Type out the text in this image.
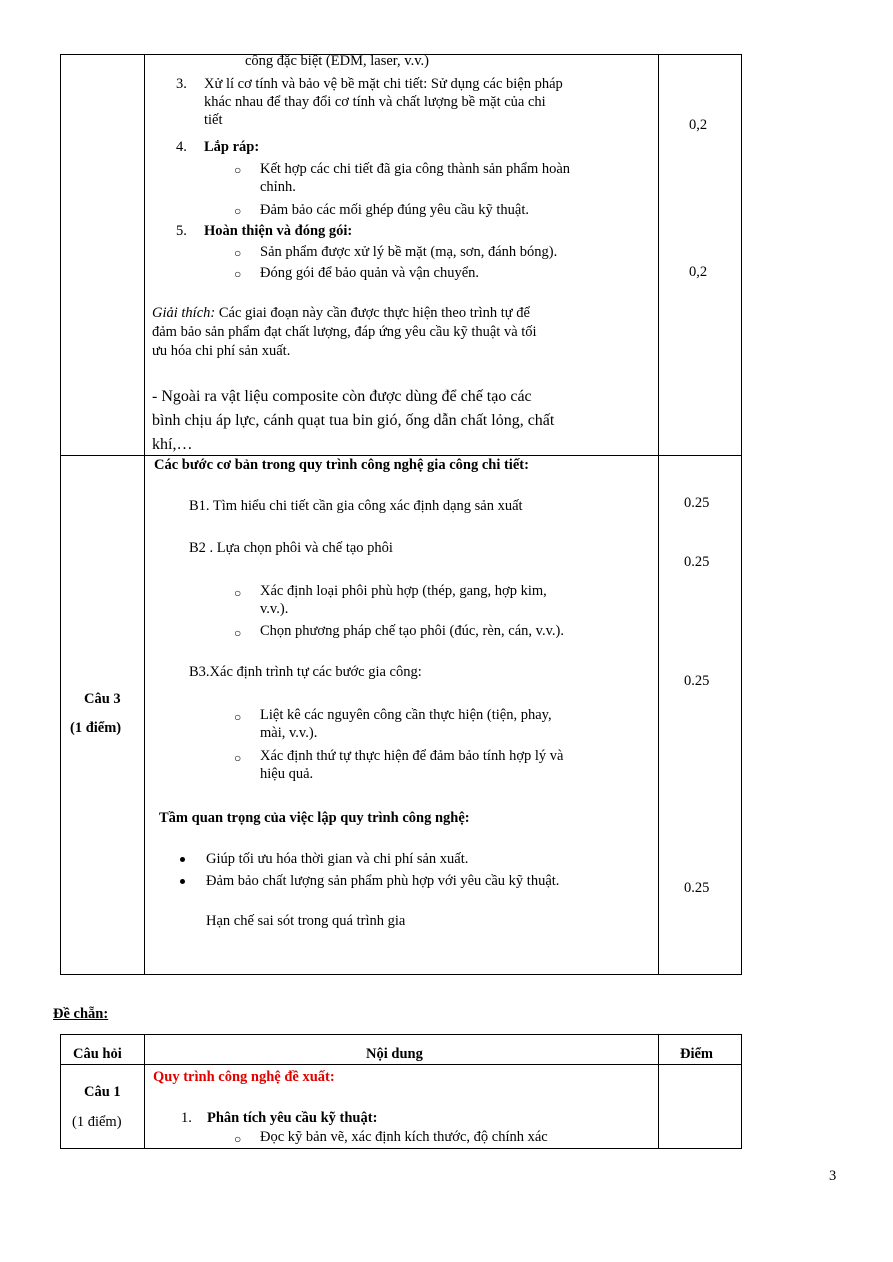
công đặc biệt (EDM, laser, v.v.)
3. Xử lí cơ tính và bảo vệ bề mặt chi tiết: Sử dụng các biện pháp
khác nhau để thay đổi cơ tính và chất lượng bề mặt của chi
tiết
4. Lắp ráp:
○ Kết hợp các chi tiết đã gia công thành sản phẩm hoàn
chỉnh.
○ Đảm bảo các mối ghép đúng yêu cầu kỹ thuật.
5. Hoàn thiện và đóng gói:
○ Sản phẩm được xử lý bề mặt (mạ, sơn, đánh bóng).
○ Đóng gói để bảo quản và vận chuyển.
Giải thích: Các giai đoạn này cần được thực hiện theo trình tự để
đảm bảo sản phẩm đạt chất lượng, đáp ứng yêu cầu kỹ thuật và tối
ưu hóa chi phí sản xuất.
- Ngoài ra vật liệu composite còn được dùng để chế tạo các
bình chịu áp lực, cánh quạt tua bin gió, ống dẫn chất lỏng, chất
khí,…
0,2
0,2
Câu 3
(1 điểm)
Các bước cơ bản trong quy trình công nghệ gia công chi tiết:
B1. Tìm hiểu chi tiết cần gia công xác định dạng sản xuất
B2 . Lựa chọn phôi và chế tạo phôi
○ Xác định loại phôi phù hợp (thép, gang, hợp kim,
v.v.).
○ Chọn phương pháp chế tạo phôi (đúc, rèn, cán, v.v.).
B3.Xác định trình tự các bước gia công:
○ Liệt kê các nguyên công cần thực hiện (tiện, phay,
mài, v.v.).
○ Xác định thứ tự thực hiện để đảm bảo tính hợp lý và
hiệu quả.
Tầm quan trọng của việc lập quy trình công nghệ:
Giúp tối ưu hóa thời gian và chi phí sản xuất.
Đảm bảo chất lượng sản phẩm phù hợp với yêu cầu kỹ thuật.
Hạn chế sai sót trong quá trình gia
0.25
0.25
0.25
0.25
Đề chẵn:
Câu hỏi	Nội dung	Điểm
Câu 1
(1 điểm)
Quy trình công nghệ đề xuất:
1. Phân tích yêu cầu kỹ thuật:
○ Đọc kỹ bản vẽ, xác định kích thước, độ chính xác
3
